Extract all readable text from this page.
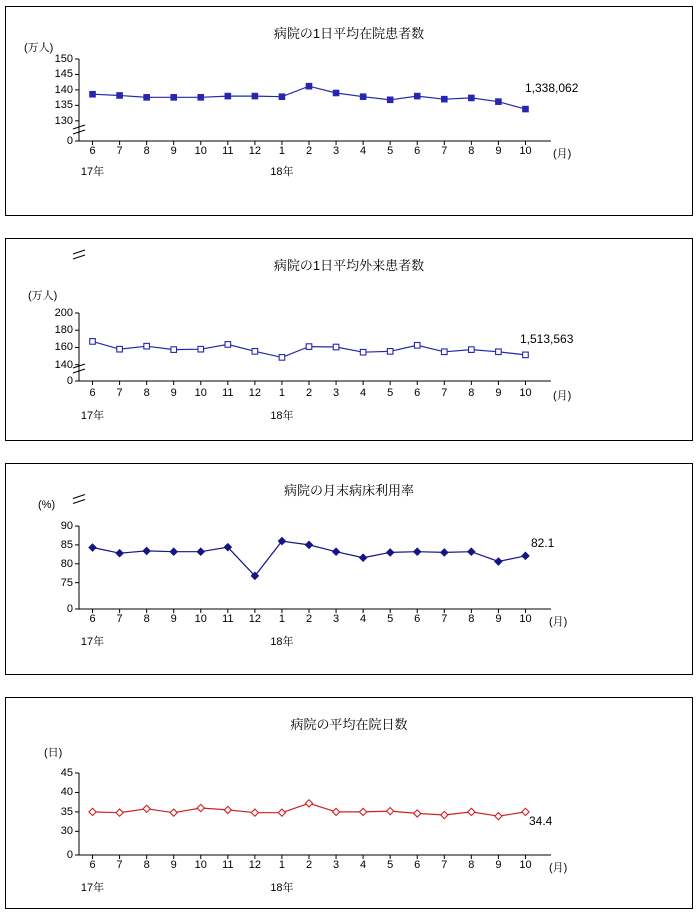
病院の1日平均在院患者数
(万人)
(月)
130
135
140
145
150
0
6	7	8	9	10	11	12	1	2	3	4	5	6	7	8	9	10
17年	18年
1,338,062
病院の1日平均外来患者数
(万人)
(月)
140
160
180
200
0
6	7	8	9	10	11	12	1	2	3	4	5	6	7	8	9	10
17年	18年
1,513,563
病院の月末病床利用率
(%)
(月)
75
80
85
90
0
6	7	8	9	10	11	12	1	2	3	4	5	6	7	8	9	10
17年	18年
82.1
病院の平均在院日数
(日)
(月)
30
35
40
45
0
6	7	8	9	10	11	12	1	2	3	4	5	6	7	8	9	10
17年	18年
34.4
